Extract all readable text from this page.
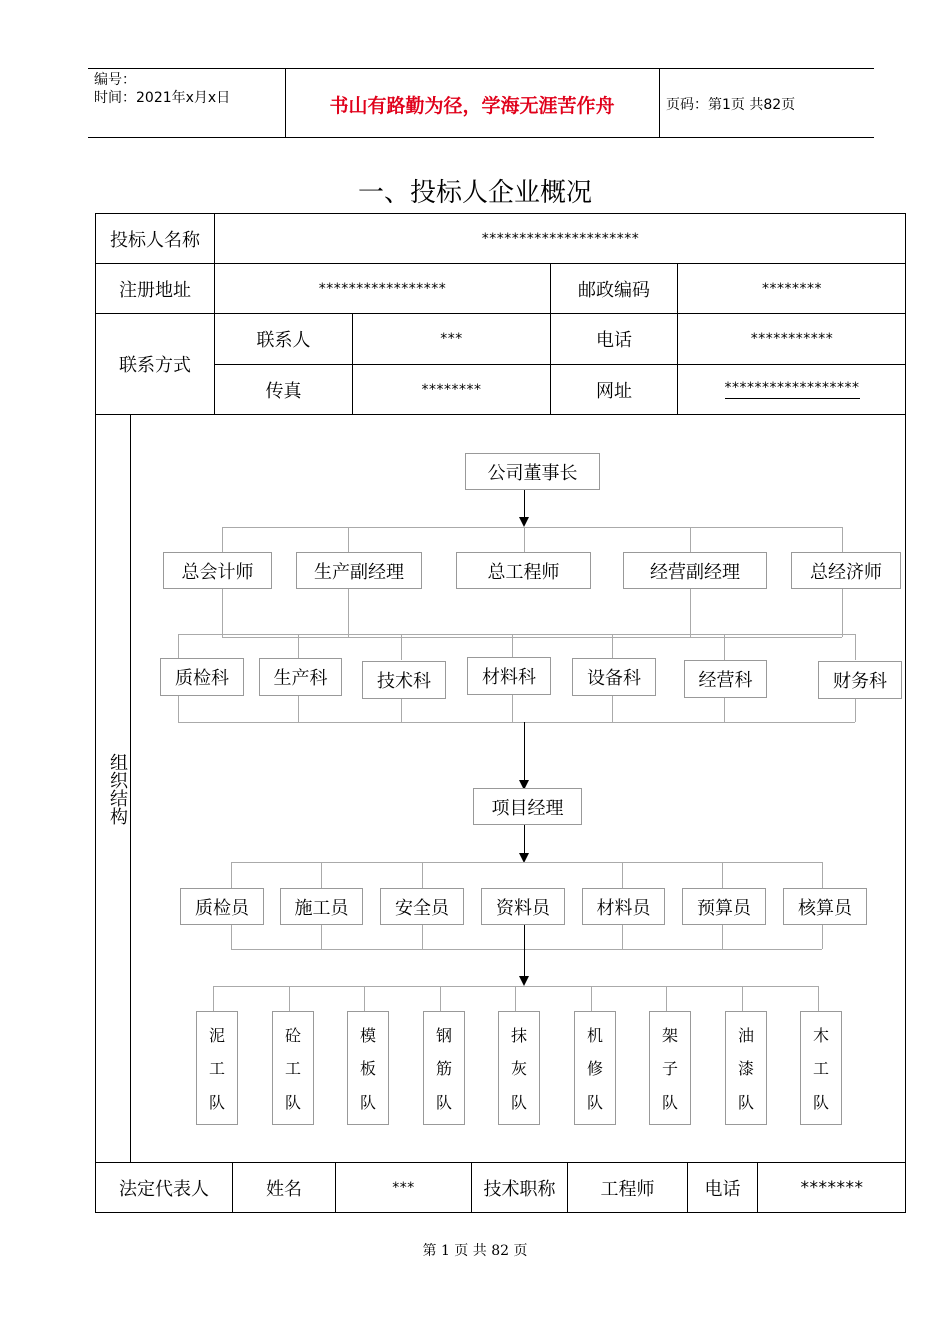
编号：
时间：2021年x月x日	书山有路勤为径，学海无涯苦作舟	页码：第1页 共82页
一、投标人企业概况
投标人名称	*********************
注册地址	*****************	邮政编码	********
联系方式
联系人	***	电话	***********
传真	********	网址	******************
组织结构
法定代表人	姓名	***	技术职称	工程师	电话	*******
公司董事长
总会计师	生产副经理	总工程师	经营副经理	总经济师
质检科	生产科	技术科	材料科	设备科	经营科	财务科
项目经理
质检员	施工员	安全员	资料员	材料员	预算员	核算员
泥
工
队
砼
工
队
模
板
队
钢
筋
队
抹
灰
队
机
修
队
架
子
队
油
漆
队
木
工
队
第 1 页 共 82 页
